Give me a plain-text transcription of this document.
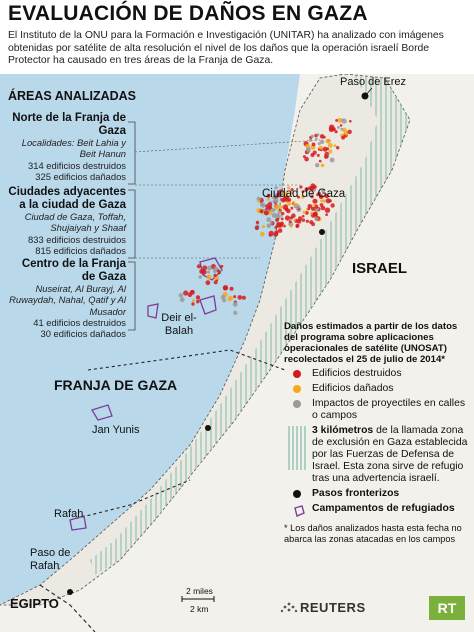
EVALUACIÓN DE DAÑOS EN GAZA
El Instituto de la ONU para la Formación e Investigación (UNITAR) ha analizado con imágenes obtenidas por satélite de alta resolución el nivel de los daños que la operación israelí Borde Protector ha causado en tres áreas de la Franja de Gaza.
ÁREAS ANALIZADAS
Norte de la Franja de Gaza
Localidades: Beit Lahia y Beit Hanun
314 edificios destruidos
325 edificios dañados
Ciudades adyacentes a la ciudad de Gaza
Ciudad de Gaza, Toffah, Shujaiyah y Shaaf
833 edificios destruidos
815 edificios dañados
Centro de la Franja de Gaza
Nuseirat, Al Burayj, Al Ruwaydah, Nahal, Qatif y Al Musador
41 edificios destruidos
30 edificios dañados
Paso de Erez
Ciudad de Gaza
ISRAEL
Deir el-Balah
FRANJA DE GAZA
Jan Yunis
Rafah
Paso de Rafah
EGIPTO
Daños estimados a partir de los datos del programa sobre aplicaciones operacionales de satélite (UNOSAT) recolectados el 25 de julio de 2014*
Edificios destruidos
Edificios dañados
Impactos de proyectiles en calles o campos
3 kilómetros de la llamada zona de exclusión en Gaza establecida por las Fuerzas de Defensa de Israel. Esta zona sirve de refugio tras una advertencia israelí.
Pasos fronterizos
Campamentos de refugiados
* Los daños analizados hasta esta fecha no abarca las zonas atacadas en los campos
2 miles
2 km	REUTERS	RT
